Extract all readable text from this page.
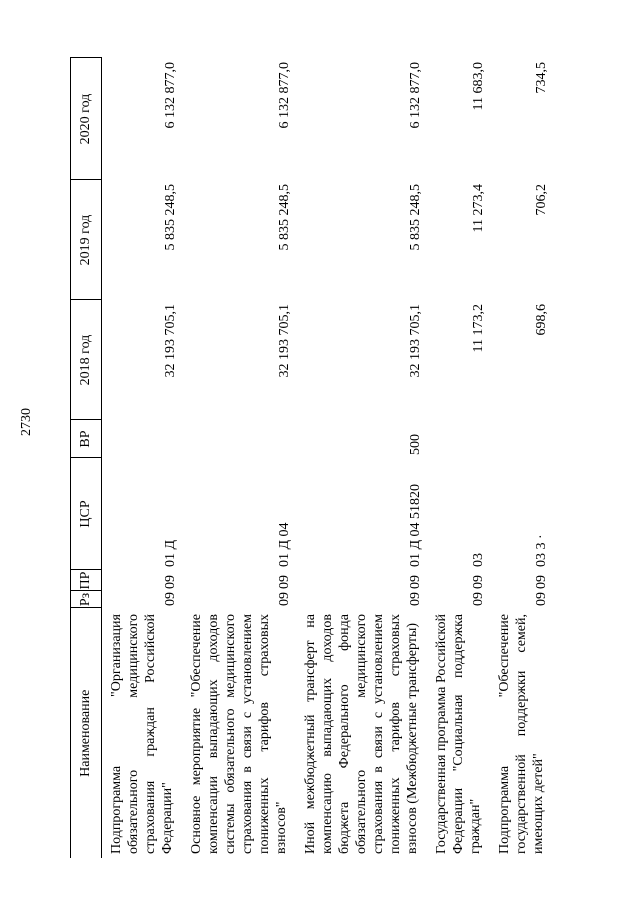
2730
Наименование	Рз	ПР	ЦСР	ВР	2018 год	2019 год	2020 год
Подпрограмма "Организация обязательного медицинского страхования граждан Российской Федерации"	09	09	01 Д		32 193 705,1	5 835 248,5	6 132 877,0
Основное мероприятие "Обеспечение компенсации выпадающих доходов системы обязательного медицинского страхования в связи с установлением пониженных тарифов страховых взносов"	09	09	01 Д 04		32 193 705,1	5 835 248,5	6 132 877,0
Иной межбюджетный трансферт на компенсацию выпадающих доходов бюджета Федерального фонда обязательного медицинского страхования в связи с установлением пониженных тарифов страховых взносов (Межбюджетные трансферты)	09	09	01 Д 04 51820	500	32 193 705,1	5 835 248,5	6 132 877,0
Государственная программа Российской Федерации "Социальная поддержка граждан"	09	09	03		11 173,2	11 273,4	11 683,0
Подпрограмма "Обеспечение государственной поддержки семей, имеющих детей"	09	09	03 3 ·		698,6	706,2	734,5
